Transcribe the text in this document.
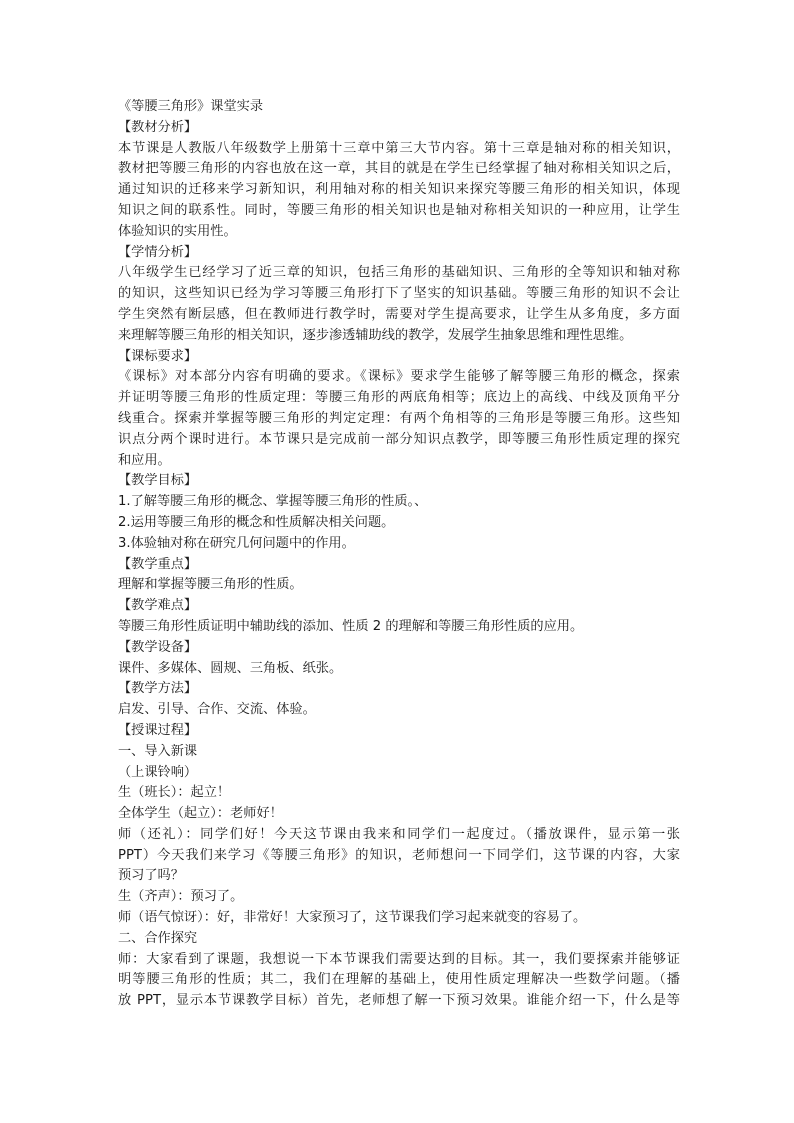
《等腰三角形》课堂实录
【教材分析】
本节课是人教版八年级数学上册第十三章中第三大节内容。第十三章是轴对称的相关知识，
教材把等腰三角形的内容也放在这一章，其目的就是在学生已经掌握了轴对称相关知识之后，
通过知识的迁移来学习新知识，利用轴对称的相关知识来探究等腰三角形的相关知识，体现
知识之间的联系性。同时，等腰三角形的相关知识也是轴对称相关知识的一种应用，让学生
体验知识的实用性。
【学情分析】
八年级学生已经学习了近三章的知识，包括三角形的基础知识、三角形的全等知识和轴对称
的知识，这些知识已经为学习等腰三角形打下了坚实的知识基础。等腰三角形的知识不会让
学生突然有断层感，但在教师进行教学时，需要对学生提高要求，让学生从多角度，多方面
来理解等腰三角形的相关知识，逐步渗透辅助线的教学，发展学生抽象思维和理性思维。
【课标要求】
《课标》对本部分内容有明确的要求。《课标》要求学生能够了解等腰三角形的概念，探索
并证明等腰三角形的性质定理：等腰三角形的两底角相等；底边上的高线、中线及顶角平分
线重合。探索并掌握等腰三角形的判定定理：有两个角相等的三角形是等腰三角形。这些知
识点分两个课时进行。本节课只是完成前一部分知识点教学，即等腰三角形性质定理的探究
和应用。
【教学目标】
1.了解等腰三角形的概念、掌握等腰三角形的性质。、
2.运用等腰三角形的概念和性质解决相关问题。
3.体验轴对称在研究几何问题中的作用。
【教学重点】
理解和掌握等腰三角形的性质。
【教学难点】
等腰三角形性质证明中辅助线的添加、性质 2 的理解和等腰三角形性质的应用。
【教学设备】
课件、多媒体、圆规、三角板、纸张。
【教学方法】
启发、引导、合作、交流、体验。
【授课过程】
一、导入新课
（上课铃响）
生（班长）：起立！
全体学生（起立）：老师好！
师（还礼）：同学们好！今天这节课由我来和同学们一起度过。（播放课件，显示第一张
PPT）今天我们来学习《等腰三角形》的知识，老师想问一下同学们，这节课的内容，大家
预习了吗？
生（齐声）：预习了。
师（语气惊讶）：好，非常好！大家预习了，这节课我们学习起来就变的容易了。
二、合作探究
师：大家看到了课题，我想说一下本节课我们需要达到的目标。其一，我们要探索并能够证
明等腰三角形的性质；其二，我们在理解的基础上，使用性质定理解决一些数学问题。（播
放 PPT，显示本节课教学目标）首先，老师想了解一下预习效果。谁能介绍一下，什么是等
